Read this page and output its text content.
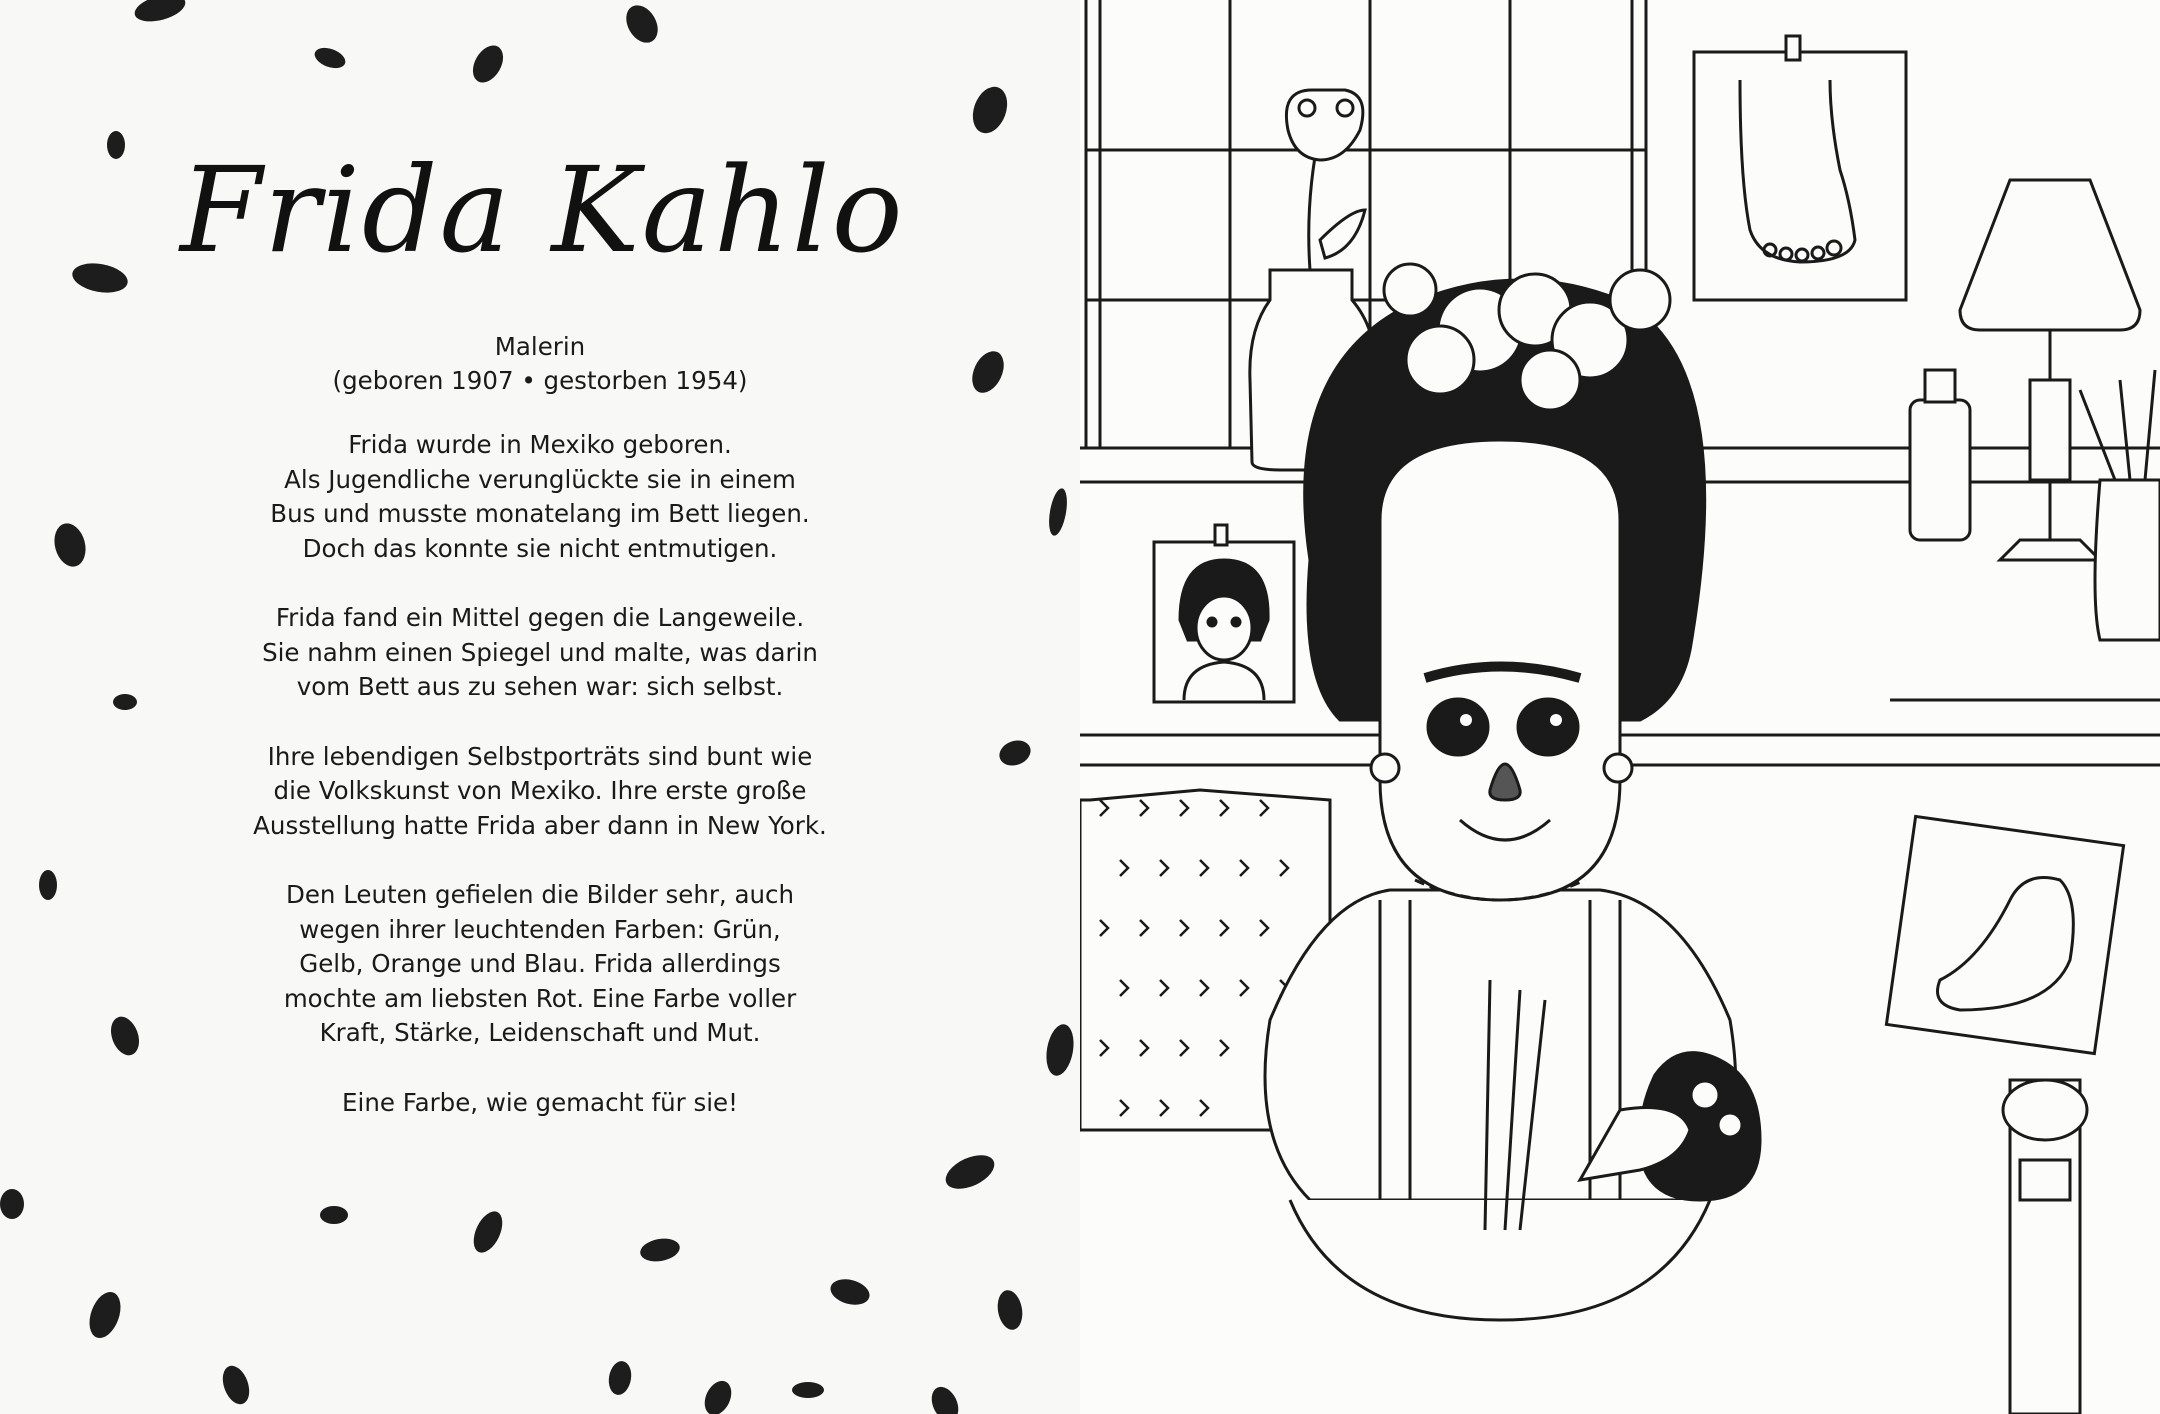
Frida Kahlo
Malerin
(geboren 1907 • gestorben 1954)
Frida wurde in Mexiko geboren.
Als Jugendliche verunglückte sie in einem
Bus und musste monatelang im Bett liegen.
Doch das konnte sie nicht entmutigen.
Frida fand ein Mittel gegen die Langeweile.
Sie nahm einen Spiegel und malte, was darin
vom Bett aus zu sehen war: sich selbst.
Ihre lebendigen Selbstporträts sind bunt wie
die Volkskunst von Mexiko. Ihre erste große
Ausstellung hatte Frida aber dann in New York.
Den Leuten gefielen die Bilder sehr, auch
wegen ihrer leuchtenden Farben: Grün,
Gelb, Orange und Blau. Frida allerdings
mochte am liebsten Rot. Eine Farbe voller
Kraft, Stärke, Leidenschaft und Mut.
Eine Farbe, wie gemacht für sie!
